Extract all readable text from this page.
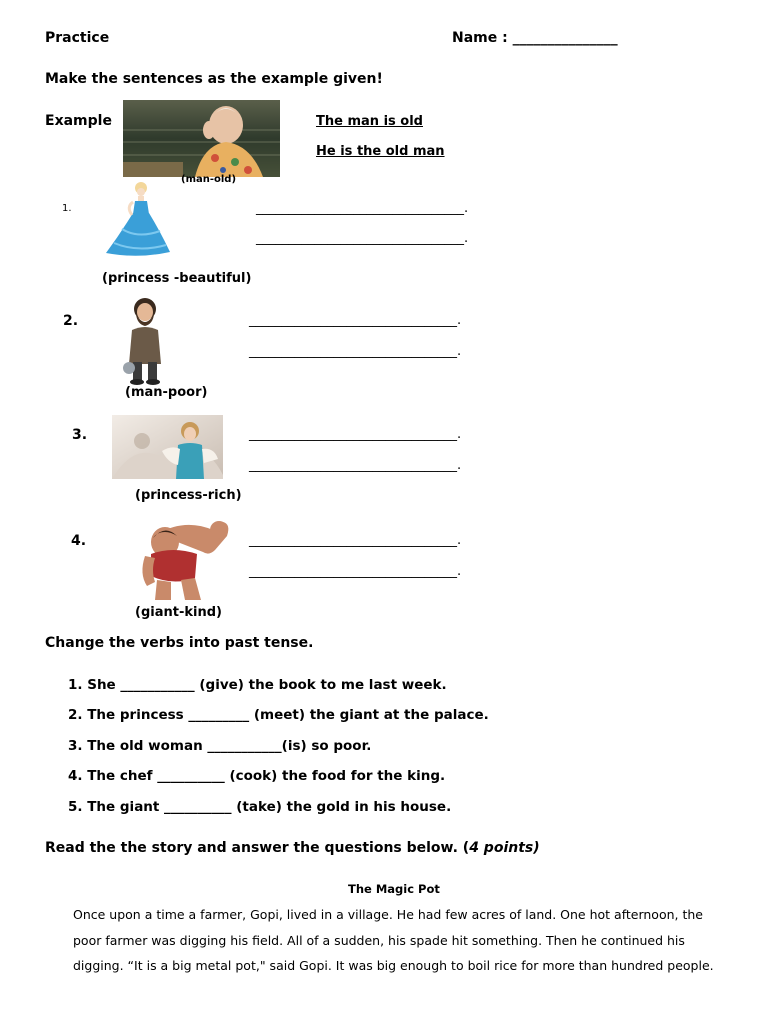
Practice	Name : _______________
Make the sentences as the example given!
Example
(man-old)
The man is old
He is the old man
1.	________________________________.
________________________________.
(princess -beautiful)
2.	________________________________.
________________________________.
(man-poor)
3.	________________________________.
________________________________.
(princess-rich)
4.	________________________________.
________________________________.
(giant-kind)
Change the verbs into past tense.
1. She ___________ (give) the book to me last week.
2. The princess _________ (meet) the giant at the palace.
3. The old woman ___________(is) so poor.
4. The chef __________ (cook) the food for the king.
5. The giant __________ (take) the gold in his house.
Read the the story and answer the questions below. (4 points)
The Magic Pot
Once upon a time a farmer, Gopi, lived in a village. He had few acres of land. One hot afternoon, the
poor farmer was digging his field. All of a sudden, his spade hit something. Then he continued his
digging. “It is a big metal pot," said Gopi. It was big enough to boil rice for more than hundred people.
